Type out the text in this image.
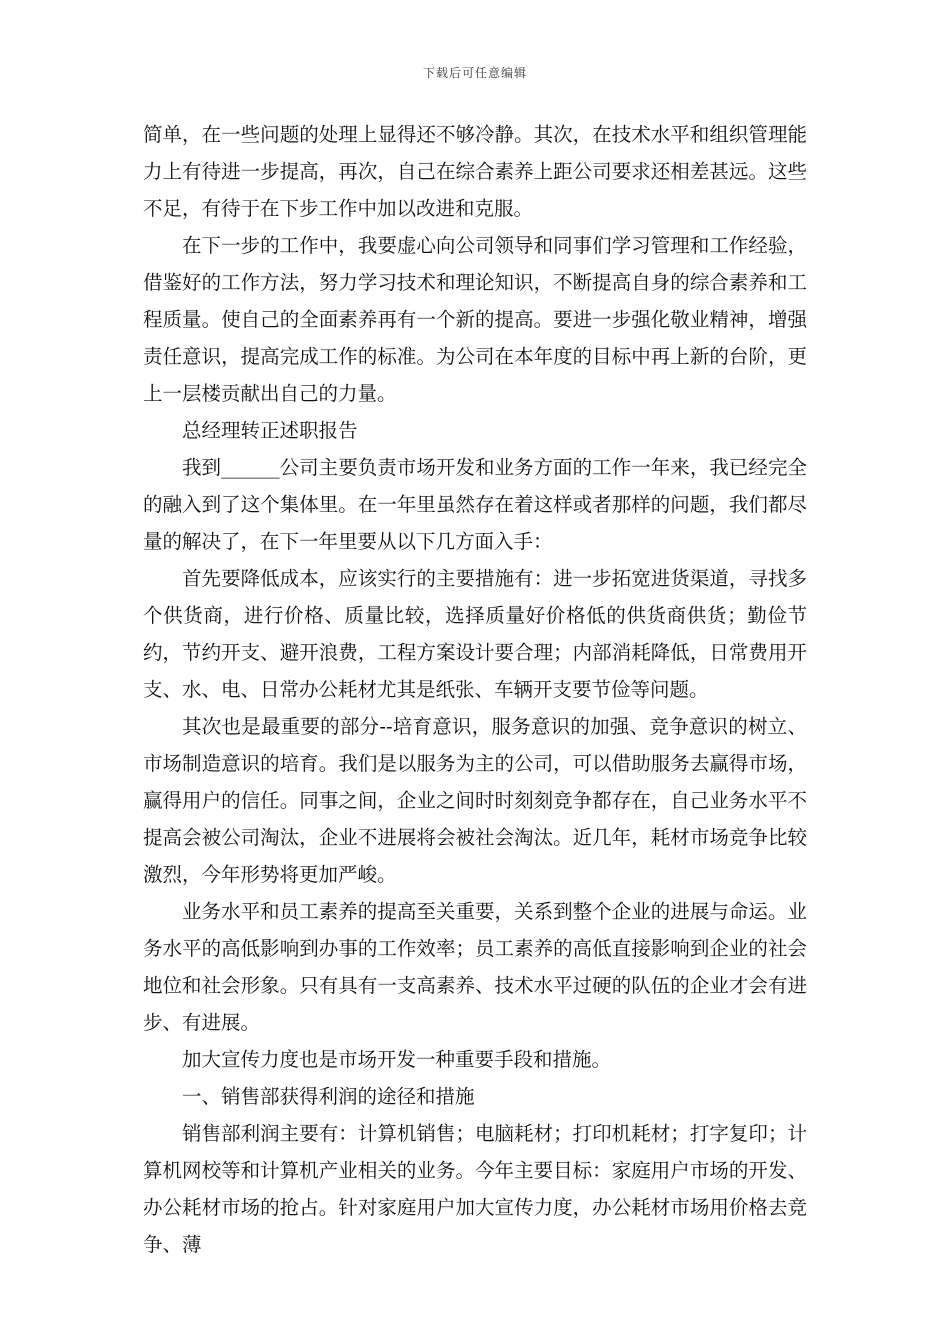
下载后可任意编辑

简单，在一些问题的处理上显得还不够冷静。其次，在技术水平和组织管理能力上有待进一步提高，再次，自己在综合素养上距公司要求还相差甚远。这些不足，有待于在下步工作中加以改进和克服。

在下一步的工作中，我要虚心向公司领导和同事们学习管理和工作经验，借鉴好的工作方法，努力学习技术和理论知识，不断提高自身的综合素养和工程质量。使自己的全面素养再有一个新的提高。要进一步强化敬业精神，增强责任意识，提高完成工作的标准。为公司在本年度的目标中再上新的台阶，更上一层楼贡献出自己的力量。

总经理转正述职报告

我到______公司主要负责市场开发和业务方面的工作一年来，我已经完全的融入到了这个集体里。在一年里虽然存在着这样或者那样的问题，我们都尽量的解决了，在下一年里要从以下几方面入手：

首先要降低成本，应该实行的主要措施有：进一步拓宽进货渠道，寻找多个供货商，进行价格、质量比较，选择质量好价格低的供货商供货；勤俭节约，节约开支、避开浪费，工程方案设计要合理；内部消耗降低，日常费用开支、水、电、日常办公耗材尤其是纸张、车辆开支要节俭等问题。

其次也是最重要的部分--培育意识，服务意识的加强、竞争意识的树立、市场制造意识的培育。我们是以服务为主的公司，可以借助服务去赢得市场，赢得用户的信任。同事之间，企业之间时时刻刻竞争都存在，自己业务水平不提高会被公司淘汰，企业不进展将会被社会淘汰。近几年，耗材市场竞争比较激烈，今年形势将更加严峻。

业务水平和员工素养的提高至关重要，关系到整个企业的进展与命运。业务水平的高低影响到办事的工作效率；员工素养的高低直接影响到企业的社会地位和社会形象。只有具有一支高素养、技术水平过硬的队伍的企业才会有进步、有进展。

加大宣传力度也是市场开发一种重要手段和措施。

一、销售部获得利润的途径和措施

销售部利润主要有：计算机销售；电脑耗材；打印机耗材；打字复印；计算机网校等和计算机产业相关的业务。今年主要目标：家庭用户市场的开发、办公耗材市场的抢占。针对家庭用户加大宣传力度，办公耗材市场用价格去竞争、薄
